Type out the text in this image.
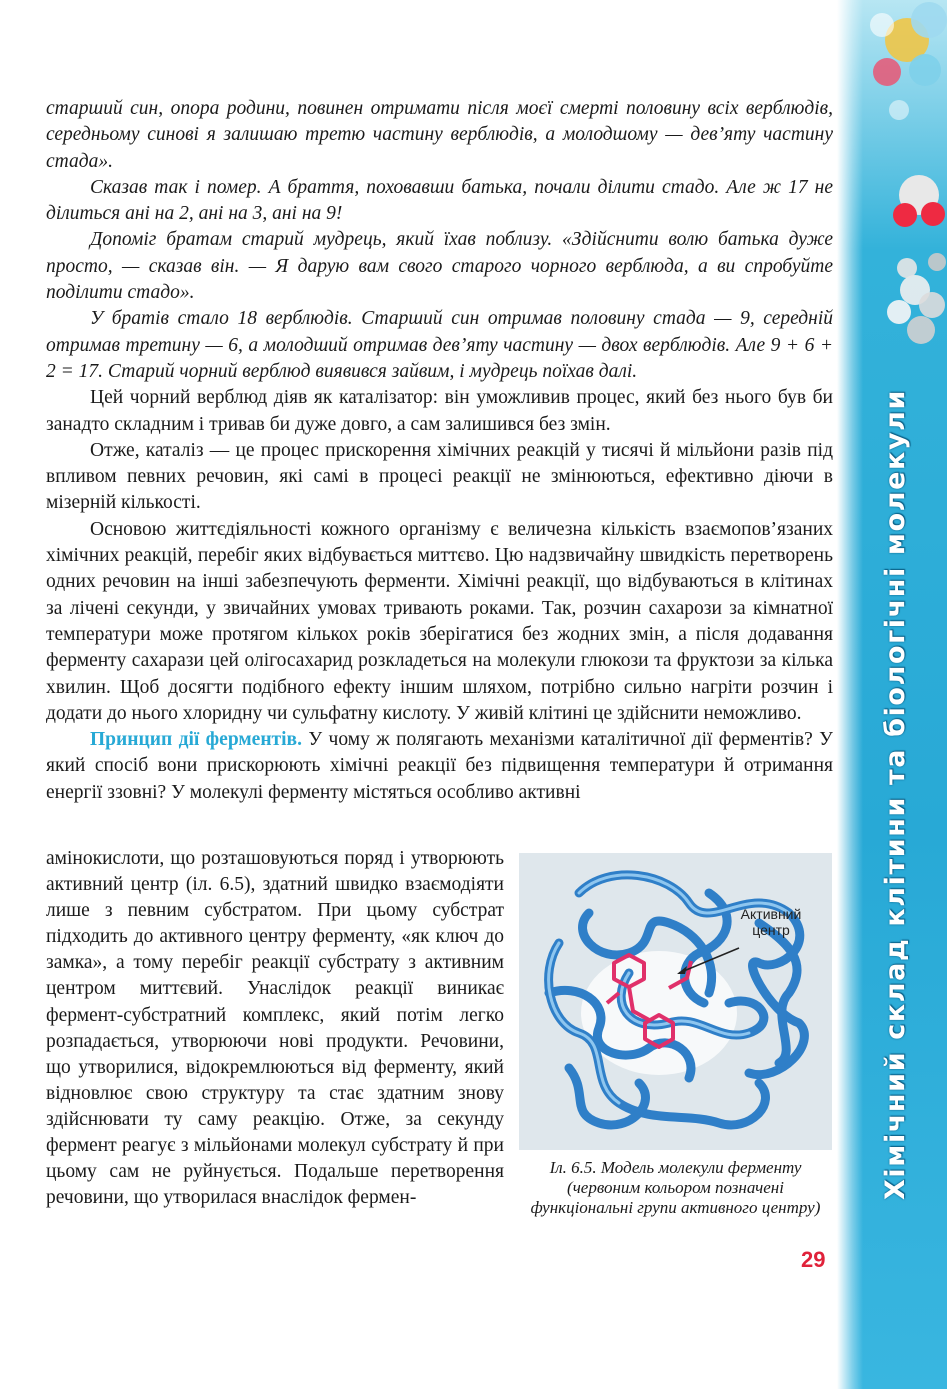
Хімічний склад клітини та біологічні молекули

старший син, опора родини, повинен отримати після моєї смерті половину всіх верблюдів, середньому синові я залишаю третю частину верблюдів, а молодшому — дев’яту частину стада».

Сказав так і помер. А браття, поховавши батька, почали ділити стадо. Але ж 17 не ділиться ані на 2, ані на 3, ані на 9!

Допоміг братам старий мудрець, який їхав поблизу. «Здійснити волю батька дуже просто, — сказав він. — Я дарую вам свого старого чорного верблюда, а ви спробуйте поділити стадо».

У братів стало 18 верблюдів. Старший син отримав половину стада — 9, середній отримав третину — 6, а молодший отримав дев’яту частину — двох верблюдів. Але 9 + 6 + 2 = 17. Старий чорний верблюд виявився зайвим, і мудрець поїхав далі.

Цей чорний верблюд діяв як каталізатор: він уможливив процес, який без нього був би занадто складним і тривав би дуже довго, а сам залишився без змін.

Отже, каталіз — це процес прискорення хімічних реакцій у тисячі й мільйони разів під впливом певних речовин, які самі в процесі реакції не змінюються, ефективно діючи в мізерній кількості.

Основою життєдіяльності кожного організму є величезна кількість взаємопов’язаних хімічних реакцій, перебіг яких відбувається миттєво. Цю надзвичайну швидкість перетворень одних речовин на інші забезпечують ферменти. Хімічні реакції, що відбуваються в клітинах за лічені секунди, у звичайних умовах тривають роками. Так, розчин сахарози за кімнатної температури може протягом кількох років зберігатися без жодних змін, а після додавання ферменту сахарази цей олігосахарид розкладеться на молекули глюкози та фруктози за кілька хвилин. Щоб досягти подібного ефекту іншим шляхом, потрібно сильно нагріти розчин і додати до нього хлоридну чи сульфатну кислоту. У живій клітині це здійснити неможливо.

Принцип дії ферментів. У чому ж полягають механізми каталітичної дії ферментів? У який спосіб вони прискорюють хімічні реакції без підвищення температури й отримання енергії ззовні? У молекулі ферменту містяться особливо активні

амінокислоти, що розташовуються поряд і утворюють активний центр (іл. 6.5), здатний швидко взаємодіяти лише з певним субстратом. При цьому субстрат підходить до активного центру ферменту, «як ключ до замка», а тому перебіг реакції субстрату з активним центром миттєвий. Унаслідок реакції виникає фермент-субстратний комплекс, який потім легко розпадається, утворюючи нові продукти. Речовини, що утворилися, відокремлюються від ферменту, який відновлює свою структуру та стає здатним знову здійснювати ту саму реакцію. Отже, за секунду фермент реагує з мільйонами молекул субстрату й при цьому сам не руйнується. Подальше перетворення речовини, що утворилася внаслідок фермен-

Активний
центр
Іл. 6.5. Модель молекули ферменту (червоним кольором позначені функціональні групи активного центру)
29
